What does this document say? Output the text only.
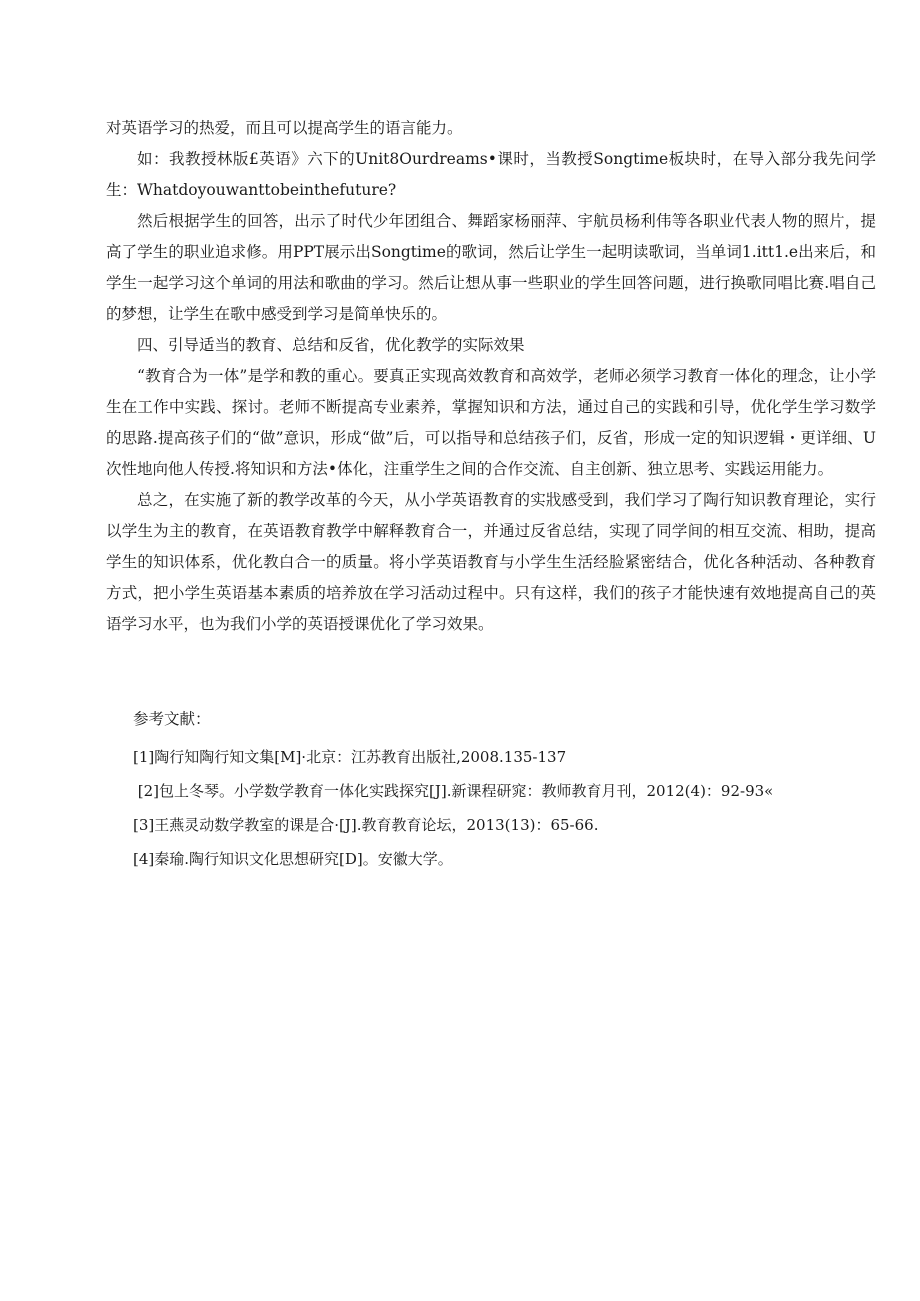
对英语学习的热爱，而且可以提高学生的语言能力。

如：我教授林版£英语》六下的Unit8Ourdreams•课时，当教授Songtime板块时，在导入部分我先问学生：Whatdoyouwanttobeinthefuture?

然后根据学生的回答，出示了时代少年团组合、舞蹈家杨丽萍、宇航员杨利伟等各职业代表人物的照片，提高了学生的职业追求修。用PPT展示出Songtime的歌词，然后让学生一起明读歌词，当单词1.itt1.e出来后，和学生一起学习这个单词的用法和歌曲的学习。然后让想从事一些职业的学生回答问题，进行换歌同唱比赛.唱自己的梦想，让学生在歌中感受到学习是简单快乐的。

四、引导适当的教育、总结和反省，优化教学的实际效果

“教育合为一体”是学和教的重心。要真正实现高效教育和高效学，老师必须学习教育一体化的理念，让小学生在工作中实践、探讨。老师不断提高专业素养，掌握知识和方法，通过自己的实践和引导，优化学生学习数学的思路.提高孩子们的“做”意识，形成“做”后，可以指导和总结孩子们，反省，形成一定的知识逻辑・更详细、U次性地向他人传授.将知识和方法•体化，注重学生之间的合作交流、自主创新、独立思考、实践运用能力。

总之，在实施了新的教学改革的今天，从小学英语教育的实戕感受到，我们学习了陶行知识教育理论，实行以学生为主的教育，在英语教育教学中解释教育合一，并通过反省总结，实现了同学间的相互交流、相助，提高学生的知识体系，优化教白合一的质量。将小学英语教育与小学生生活经脸紧密结合，优化各种活动、各种教育方式，把小学生英语基本素质的培养放在学习活动过程中。只有这样，我们的孩子才能快速有效地提高自己的英语学习水平，也为我们小学的英语授课优化了学习效果。

参考文献：

[1]陶行知陶行知文集[M]·北京：江苏教育出版社,2008.135-137

[2]包上冬琴。小学数学教育一体化实践探究[J].新课程研窕：教师教育月刊，2012(4)：92-93«

[3]王燕灵动数学教室的课是合·[J].教育教育论坛，2013(13)：65-66.

[4]秦瑜.陶行知识文化思想研究[D]。安徽大学。
